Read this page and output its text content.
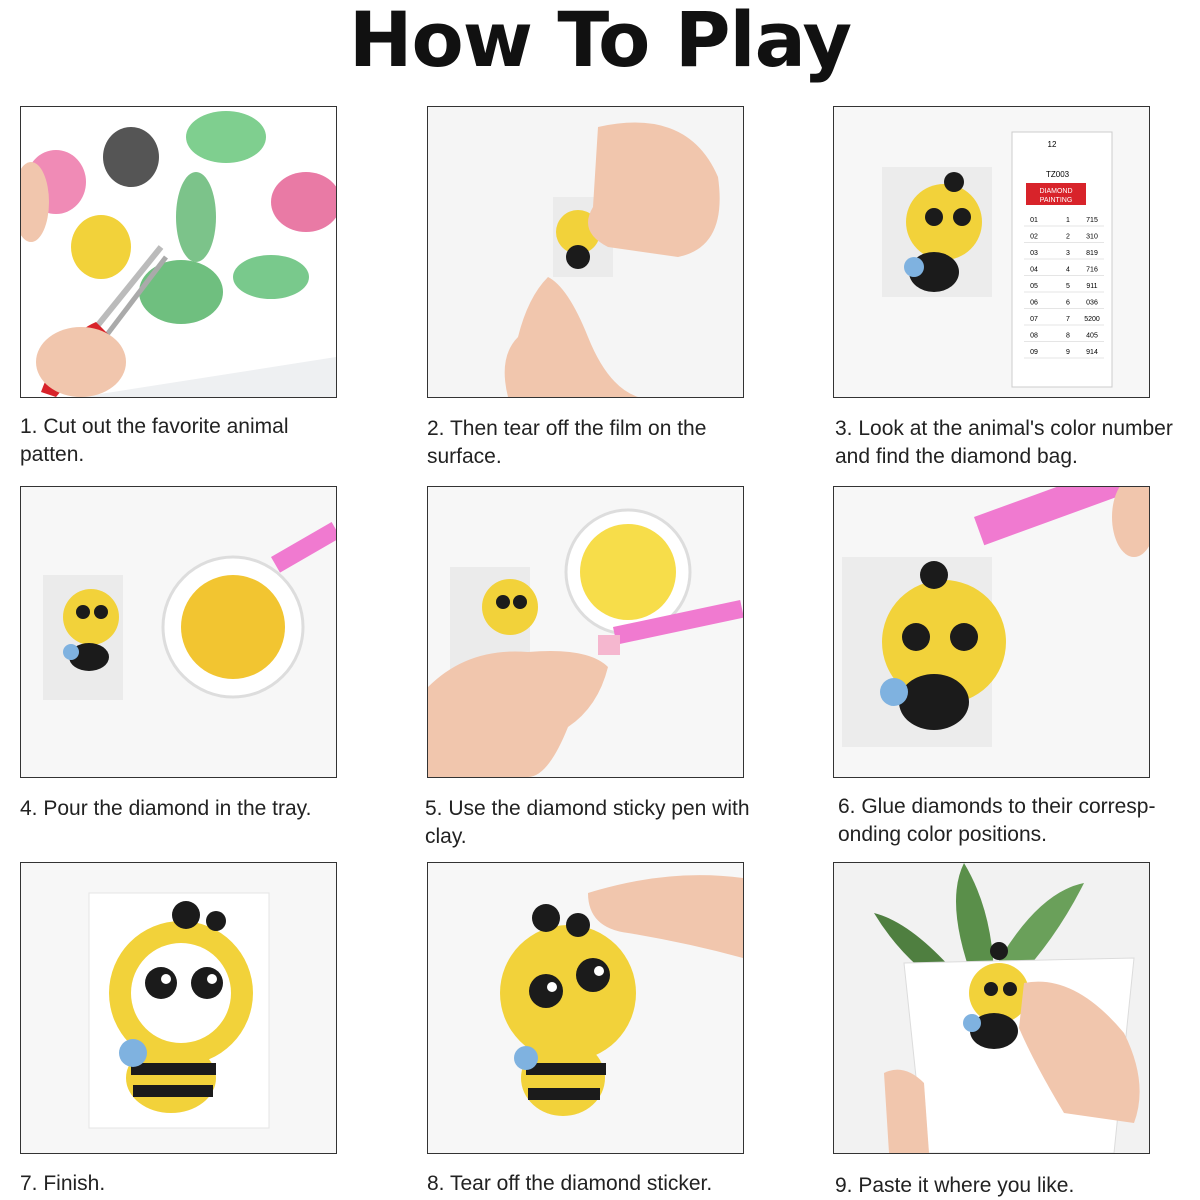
How To Play
1. Cut out the favorite animal patten.
2. Then tear off the film on the surface.
12
TZ003
DIAMOND
PAINTING
01	1 715
02	2 310
03	3 819
04	4 716
05	5 911
06	6 036
07	7 5200
08	8 405
09	9 914
3. Look at the animal's color number and find the diamond bag.
4. Pour the diamond in the tray.	5. Use the diamond sticky pen with clay.
6. Glue diamonds to their corresp-onding color positions.
7. Finish.	8. Tear off the diamond sticker.	9. Paste it where you like.
